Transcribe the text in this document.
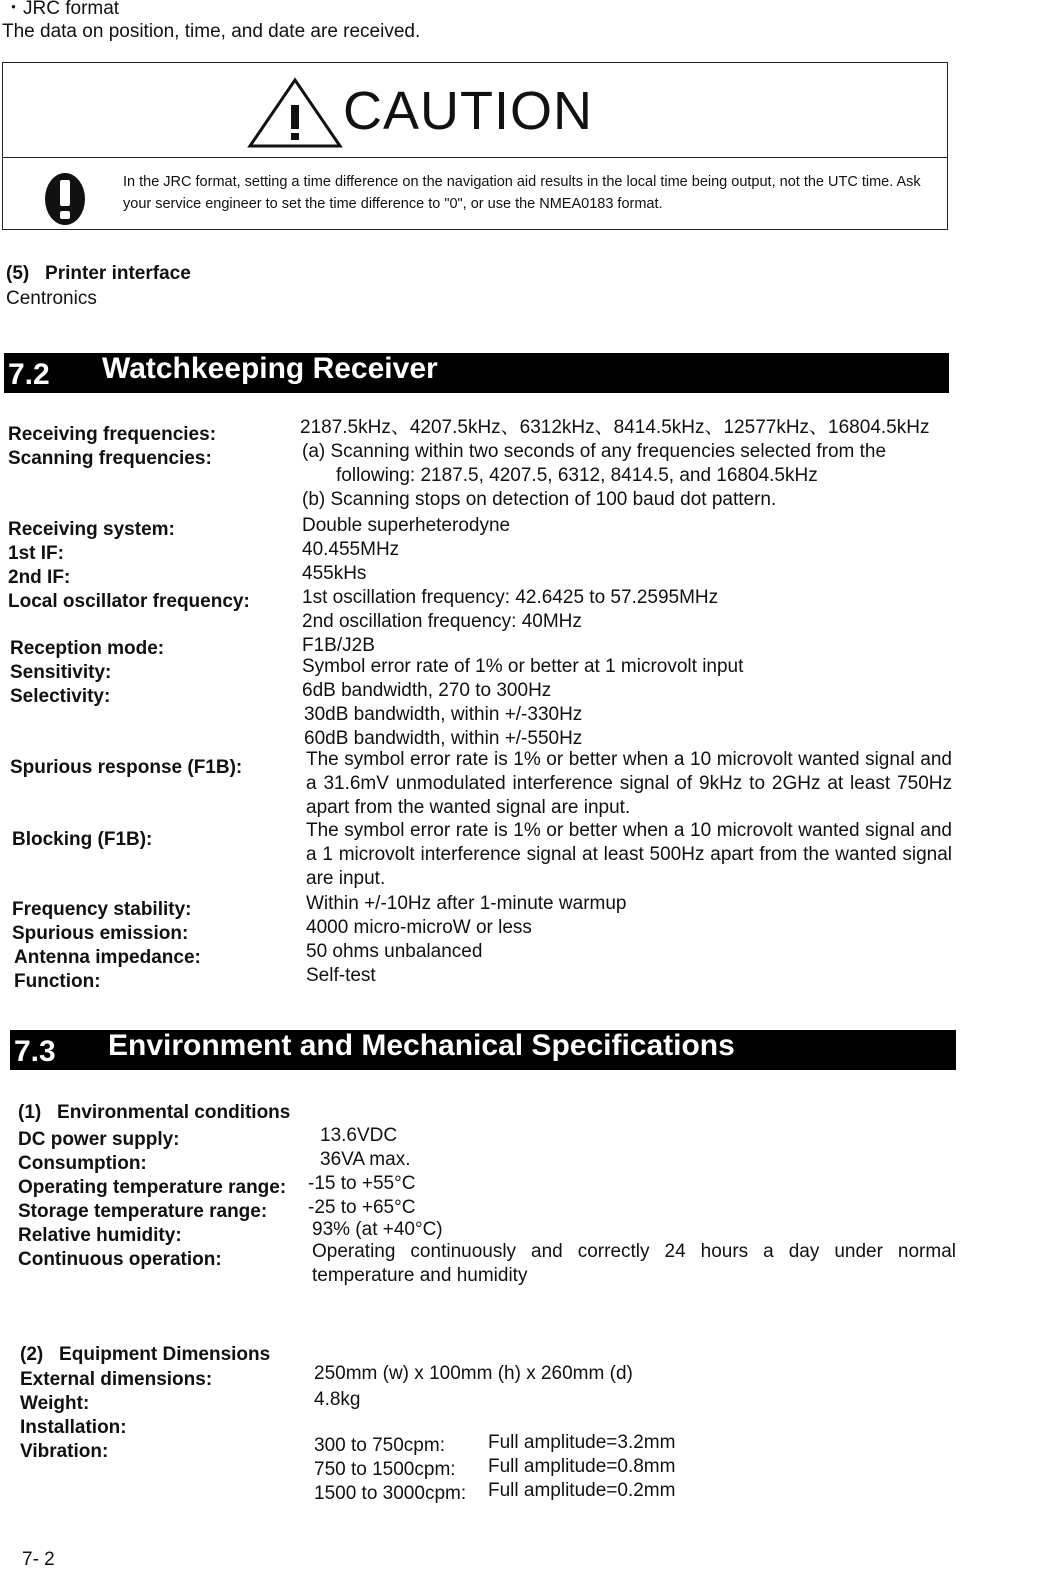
・JRC format
The data on position, time, and date are received.
CAUTION
In the JRC format, setting a time difference on the navigation aid results in the local time being output, not the UTC time. Ask your service engineer to set the time difference to "0", or use the NMEA0183 format.
(5)   Printer interface
Centronics
7.2 Watchkeeping Receiver
Receiving frequencies:	2187.5kHz、4207.5kHz、6312kHz、8414.5kHz、12577kHz、16804.5kHz
Scanning frequencies:	(a) Scanning within two seconds of any frequencies selected from the
following: 2187.5, 4207.5, 6312, 8414.5, and 16804.5kHz
(b) Scanning stops on detection of 100 baud dot pattern.
Receiving system:	Double superheterodyne
1st IF:	40.455MHz
2nd IF:	455kHs
Local oscillator frequency:	1st oscillation frequency: 42.6425 to 57.2595MHz
2nd oscillation frequency: 40MHz
Reception mode:	F1B/J2B
Sensitivity:	Symbol error rate of 1% or better at 1 microvolt input
Selectivity:	6dB bandwidth, 270 to 300Hz
30dB bandwidth, within +/-330Hz
60dB bandwidth, within +/-550Hz
Spurious response (F1B):	The symbol error rate is 1% or better when a 10 microvolt wanted signal and a 31.6mV unmodulated interference signal of 9kHz to 2GHz at least 750Hz apart from the wanted signal are input.
Blocking (F1B):	The symbol error rate is 1% or better when a 10 microvolt wanted signal and a 1 microvolt interference signal at least 500Hz apart from the wanted signal are input.
Frequency stability:	Within +/-10Hz after 1-minute warmup
Spurious emission:	4000 micro-microW or less
Antenna impedance:	50 ohms unbalanced
Function:	Self-test
7.3 Environment and Mechanical Specifications
(1)   Environmental conditions
DC power supply:	13.6VDC
Consumption:	36VA max.
Operating temperature range: -15 to +55°C
Storage temperature range: -25 to +65°C
Relative humidity:	93% (at +40°C)
Continuous operation:	Operating continuously and correctly 24 hours a day under normal temperature and humidity
(2)   Equipment Dimensions
External dimensions:	250mm (w) x 100mm (h) x 260mm (d)
Weight:	4.8kg
Installation:
Vibration:	300 to 750cpm: Full amplitude=3.2mm
750 to 1500cpm: Full amplitude=0.8mm
1500 to 3000cpm: Full amplitude=0.2mm
7- 2
